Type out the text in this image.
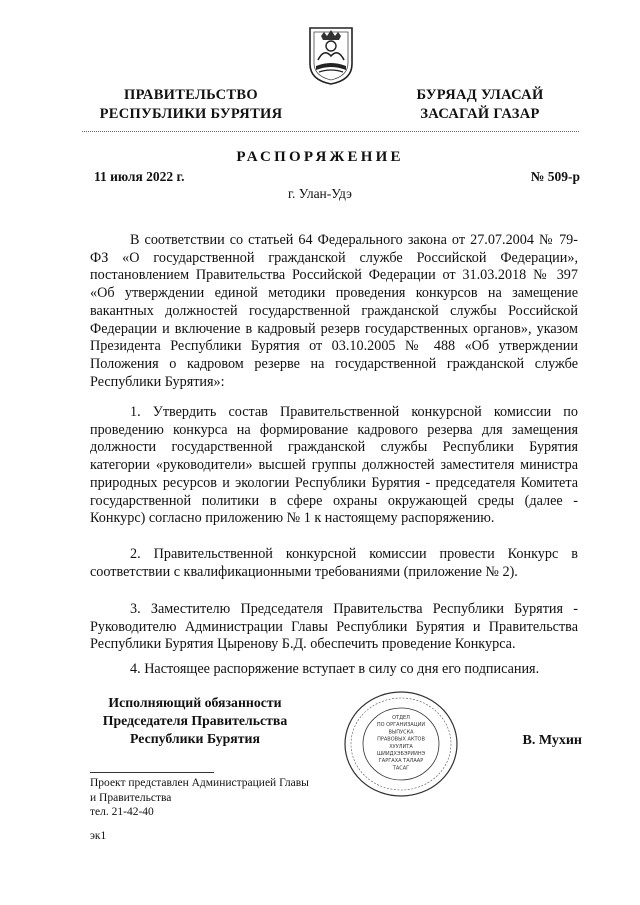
ПРАВИТЕЛЬСТВО
РЕСПУБЛИКИ БУРЯТИЯ
БУРЯАД УЛАСАЙ
ЗАСАГАЙ ГАЗАР
РАСПОРЯЖЕНИЕ
11 июля 2022 г.	№ 509-р
г. Улан-Удэ

В соответствии со статьей 64 Федерального закона от 27.07.2004 № 79-ФЗ «О государственной гражданской службе Российской Федерации», постановлением Правительства Российской Федерации от 31.03.2018 № 397 «Об утверждении единой методики проведения конкурсов на замещение вакантных должностей государственной гражданской службы Российской Федерации и включение в кадровый резерв государственных органов», указом Президента Республики Бурятия от 03.10.2005 № 488 «Об утверждении Положения о кадровом резерве на государственной гражданской службе Республики Бурятия»:

1. Утвердить состав Правительственной конкурсной комиссии по проведению конкурса на формирование кадрового резерва для замещения должности государственной гражданской службы Республики Бурятия категории «руководители» высшей группы должностей заместителя министра природных ресурсов и экологии Республики Бурятия - председателя Комитета государственной политики в сфере охраны окружающей среды (далее - Конкурс) согласно приложению № 1 к настоящему распоряжению.

2. Правительственной конкурсной комиссии провести Конкурс в соответствии с квалификационными требованиями (приложение № 2).

3. Заместителю Председателя Правительства Республики Бурятия - Руководителю Администрации Главы Республики Бурятия и Правительства Республики Бурятия Цыренову Б.Д. обеспечить проведение Конкурса.

4. Настоящее распоряжение вступает в силу со дня его подписания.

Исполняющий обязанности
Председателя Правительства
Республики Бурятия
ОТДЕЛ
ПО ОРГАНИЗАЦИИ
ВЫПУСКА
ПРАВОВЫХ АКТОВ
ХУУЛИТА
ШИИДХЭБЭРИИНЭ
ГАРГАХА ТАЛААР
ТАСАГ
В. Мухин
Проект представлен Администрацией Главы
и Правительства
тел. 21-42-40
эк1
